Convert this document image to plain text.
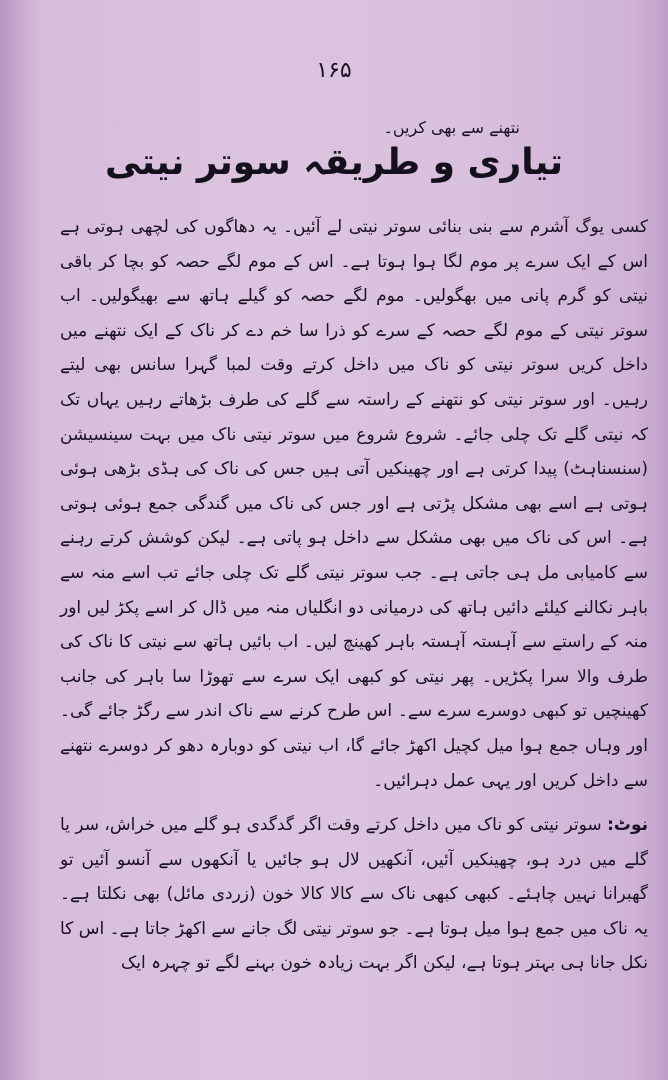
۱۶۵
نتھنے سے بھی کریں۔
تیاری و طریقہ سوتر نیتی

کسی یوگ آشرم سے بنی بنائی سوتر نیتی لے آئیں۔ یہ دھاگوں کی لچھی ہوتی ہے اس کے ایک سرے پر موم لگا ہوا ہوتا ہے۔ اس کے موم لگے حصہ کو بچا کر باقی نیتی کو گرم پانی میں بھگولیں۔ موم لگے حصہ کو گیلے ہاتھ سے بھیگولیں۔ اب سوتر نیتی کے موم لگے حصہ کے سرے کو ذرا سا خم دے کر ناک کے ایک نتھنے میں داخل کریں سوتر نیتی کو ناک میں داخل کرتے وقت لمبا گہرا سانس بھی لیتے رہیں۔ اور سوتر نیتی کو نتھنے کے راستہ سے گلے کی طرف بڑھاتے رہیں یہاں تک کہ نیتی گلے تک چلی جائے۔ شروع شروع میں سوتر نیتی ناک میں بہت سینسیشن (سنسناہٹ) پیدا کرتی ہے اور چھینکیں آتی ہیں جس کی ناک کی ہڈی بڑھی ہوئی ہوتی ہے اسے بھی مشکل پڑتی ہے اور جس کی ناک میں گندگی جمع ہوئی ہوتی ہے۔ اس کی ناک میں بھی مشکل سے داخل ہو پاتی ہے۔ لیکن کوشش کرتے رہنے سے کامیابی مل ہی جاتی ہے۔ جب سوتر نیتی گلے تک چلی جائے تب اسے منہ سے باہر نکالنے کیلئے دائیں ہاتھ کی درمیانی دو انگلیاں منہ میں ڈال کر اسے پکڑ لیں اور منہ کے راستے سے آہستہ آہستہ باہر کھینچ لیں۔ اب بائیں ہاتھ سے نیتی کا ناک کی طرف والا سرا پکڑیں۔ پھر نیتی کو کبھی ایک سرے سے تھوڑا سا باہر کی جانب کھینچیں تو کبھی دوسرے سرے سے۔ اس طرح کرنے سے ناک اندر سے رگڑ جائے گی۔ اور وہاں جمع ہوا میل کچیل اکھڑ جائے گا، اب نیتی کو دوبارہ دھو کر دوسرے نتھنے سے داخل کریں اور یہی عمل دہرائیں۔

نوٹ: سوتر نیتی کو ناک میں داخل کرتے وقت اگر گدگدی ہو گلے میں خراش، سر یا گلے میں درد ہو، چھینکیں آئیں، آنکھیں لال ہو جائیں یا آنکھوں سے آنسو آئیں تو گھبرانا نہیں چاہئے۔ کبھی کبھی ناک سے کالا کالا خون (زردی مائل) بھی نکلتا ہے۔ یہ ناک میں جمع ہوا میل ہوتا ہے۔ جو سوتر نیتی لگ جانے سے اکھڑ جاتا ہے۔ اس کا نکل جانا ہی بہتر ہوتا ہے، لیکن اگر بہت زیادہ خون بہنے لگے تو چہرہ ایک
